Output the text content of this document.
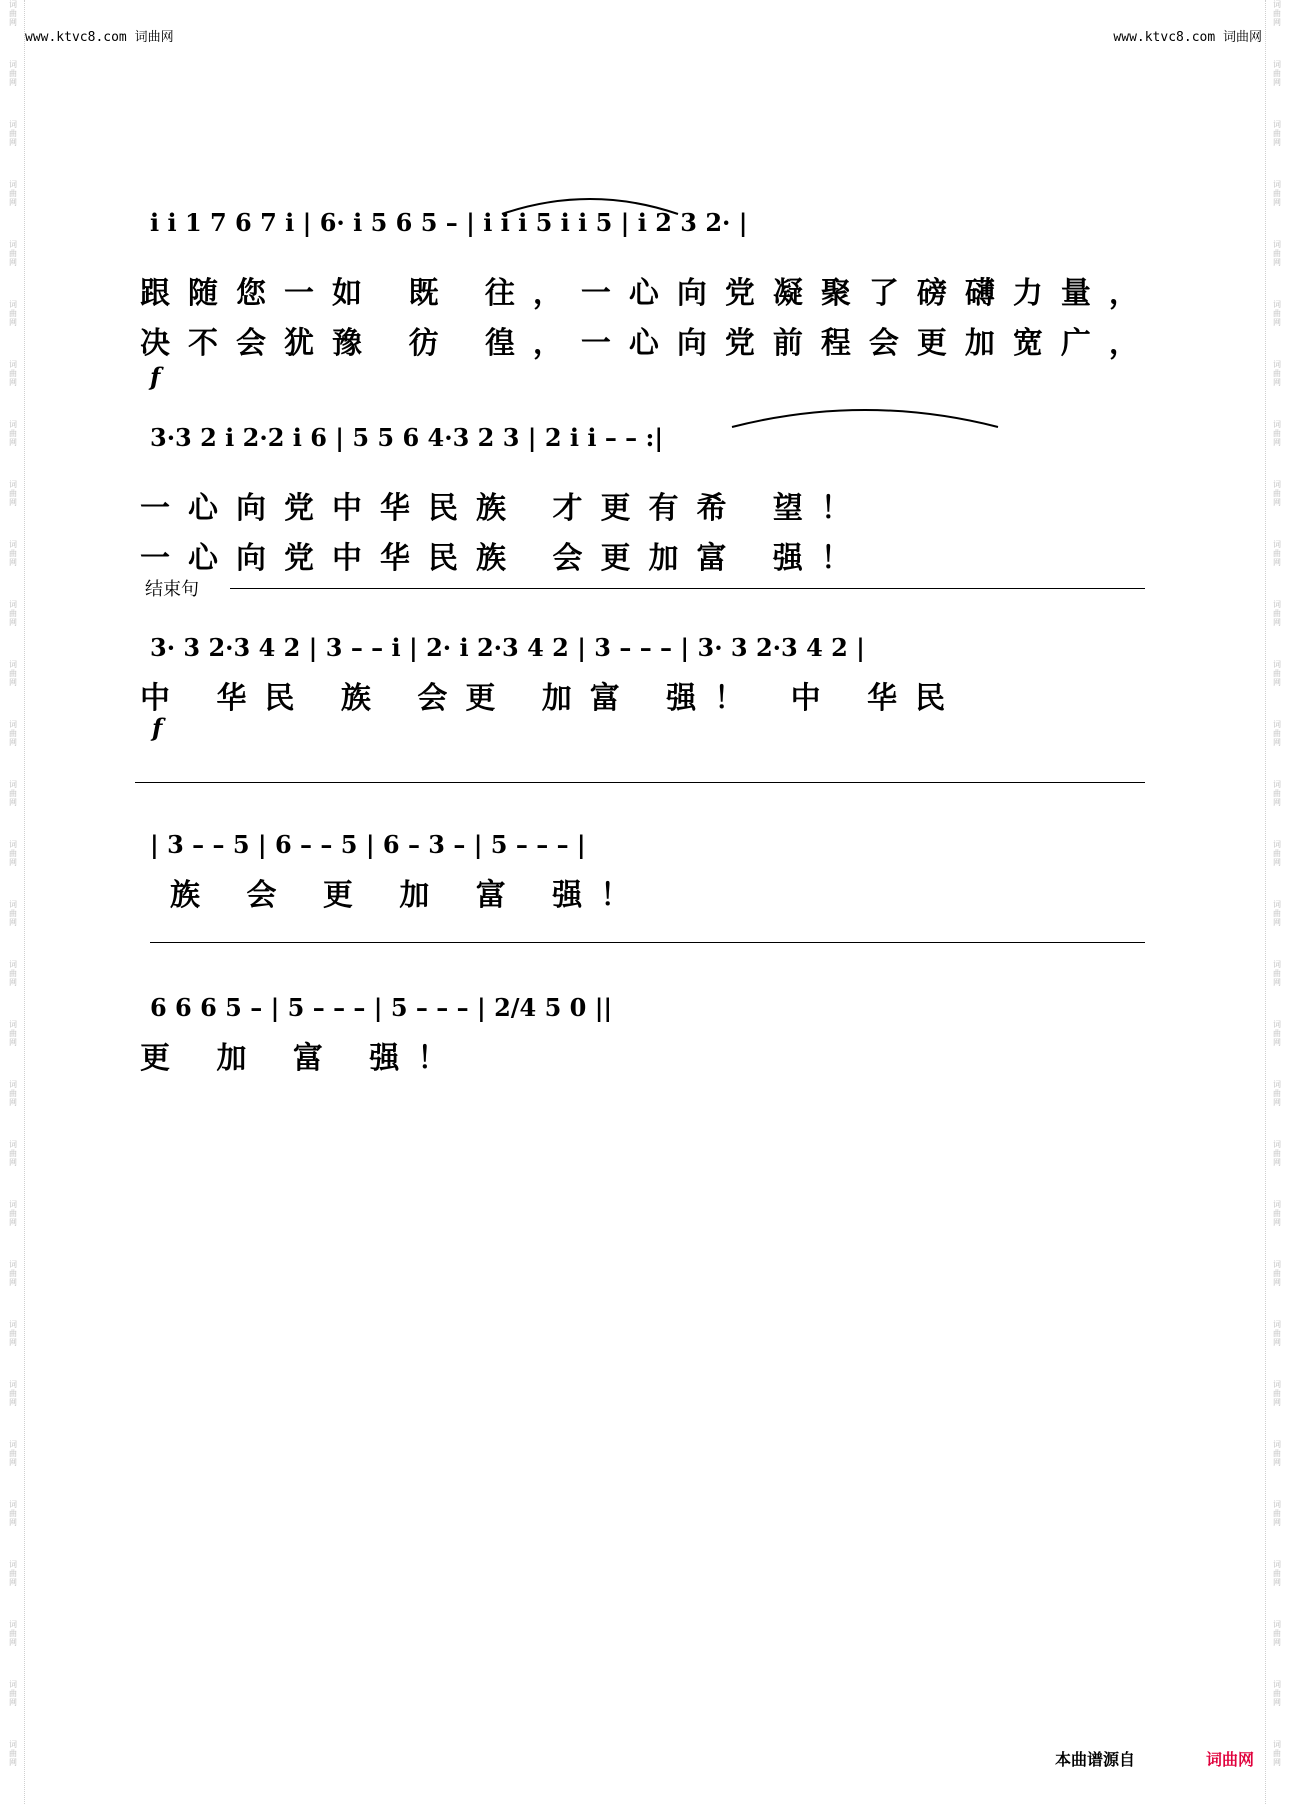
词曲网
词曲网
词曲网
词曲网
词曲网
词曲网
词曲网
词曲网
词曲网
词曲网
词曲网
词曲网
词曲网
词曲网
词曲网
词曲网
词曲网
词曲网
词曲网
词曲网
词曲网
词曲网
词曲网
词曲网
词曲网
词曲网
词曲网
词曲网
词曲网
词曲网
词曲网
词曲网
词曲网
词曲网
词曲网
词曲网
词曲网
词曲网
词曲网
词曲网
词曲网
词曲网
词曲网
词曲网
词曲网
词曲网
词曲网
词曲网
词曲网
词曲网
词曲网
词曲网
词曲网
词曲网
词曲网
词曲网
词曲网
词曲网
词曲网
词曲网
www.ktvc8.com 词曲网	www.ktvc8.com 词曲网
i i 1 7 6 7 i | 6· i 5 6 5 – | i i i 5 i i 5 | i 2 3 2· |
跟随您一如 既 往，一心向党凝聚了磅礴力量，
决不会犹豫 彷 徨，一心向党前程会更加宽广，
f
3·3 2 i 2·2 i 6 | 5 5 6 4·3 2 3 | 2 i i – – :|
一心向党中华民族 才更有希 望！
一心向党中华民族 会更加富 强！
结束句
3· 3 2·3 4 2 | 3 – – i | 2· i 2·3 4 2 | 3 – – – | 3· 3 2·3 4 2 |
中 华民 族 会更 加富 强！ 中 华民
f
| 3 – – 5 | 6 – – 5 | 6 – 3 – | 5 – – – |
族 会 更 加 富 强！
6 6 6 5 – | 5 – – – | 5 – – – | 2/4 5 0 ||
更 加 富 强！
本曲谱源自	词曲网
